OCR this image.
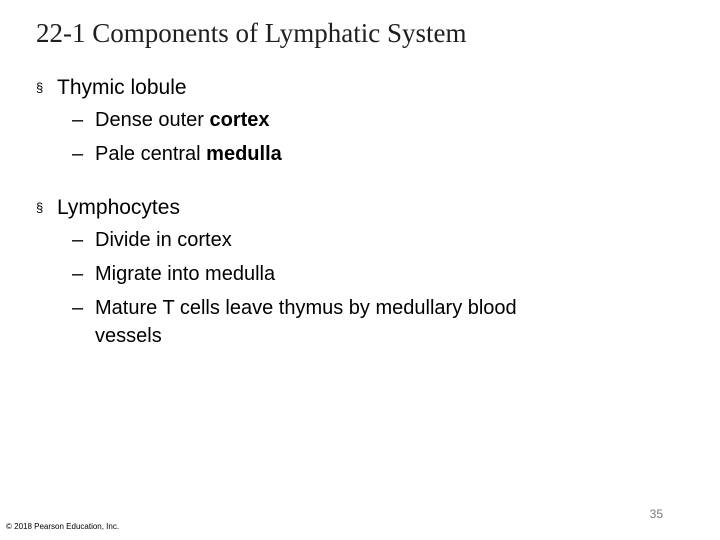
22-1 Components of Lymphatic System
§ Thymic lobule
– Dense outer cortex
– Pale central medulla
§ Lymphocytes
– Divide in cortex
– Migrate into medulla
– Mature T cells leave thymus by medullary blood
vessels
35
© 2018 Pearson Education, Inc.
